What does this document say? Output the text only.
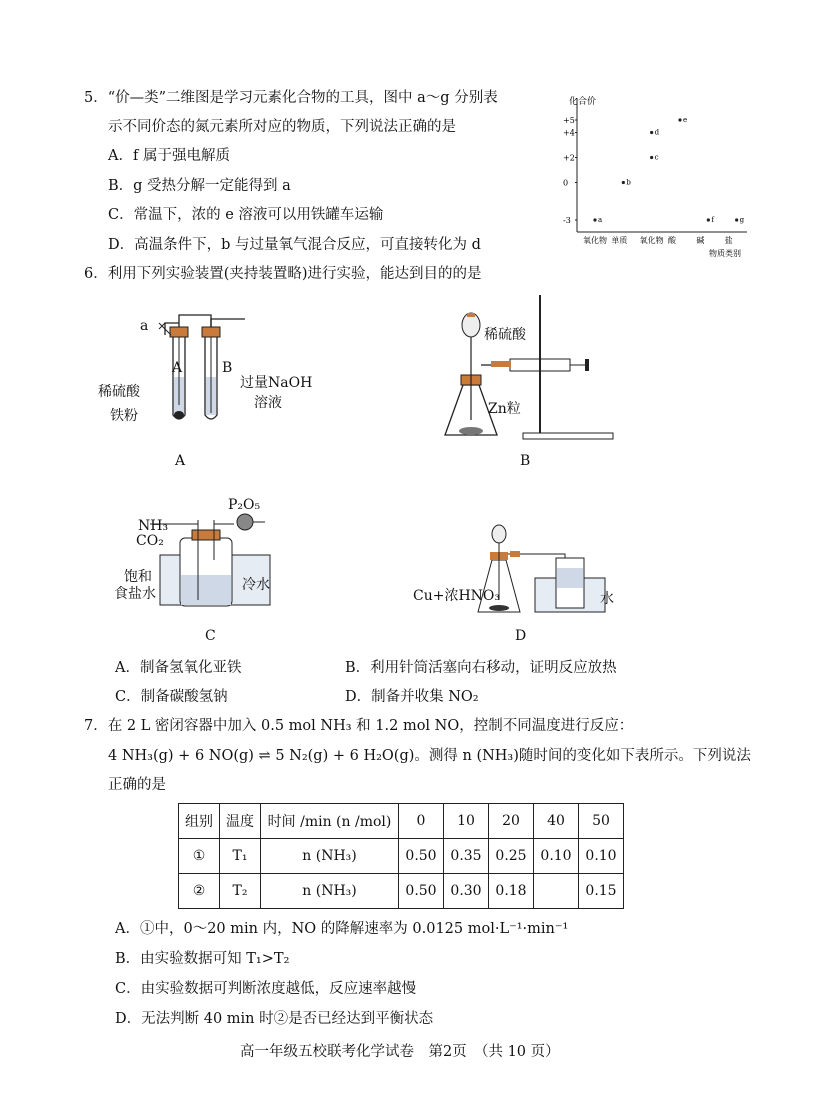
5．“价—类”二维图是学习元素化合物的工具，图中 a～g 分别表
示不同价态的氮元素所对应的物质，下列说法正确的是
A．f 属于强电解质
B．g 受热分解一定能得到 a
C．常温下，浓的 e 溶液可以用铁罐车运输
D．高温条件下，b 与过量氧气混合反应，可直接转化为 d
化合价
+5
+4
+2
0
-3
氧化物 单质 氧化物 酸	碱	盐
物质类别
a
b
c
d
e
f	g
6．利用下列实验装置(夹持装置略)进行实验，能达到目的的是
a
A	B
稀硫酸
铁粉
过量NaOH
溶液
A
稀硫酸
Zn粒
B
NH₃
CO₂
P₂O₅
饱和
食盐水
冷水
C
Cu+浓HNO₃	水
D
A．制备氢氧化亚铁	B．利用针筒活塞向右移动，证明反应放热
C．制备碳酸氢钠	D．制备并收集 NO₂
7．在 2 L 密闭容器中加入 0.5 mol NH₃ 和 1.2 mol NO，控制不同温度进行反应：
4 NH₃(g) + 6 NO(g) ⇌ 5 N₂(g) + 6 H₂O(g)。测得 n (NH₃)随时间的变化如下表所示。下列说法
正确的是
组别	温度	时间 /min (n /mol)	0	10	20	40	50
①	T₁	n (NH₃)	0.50	0.35	0.25	0.10	0.10
②	T₂	n (NH₃)	0.50	0.30	0.18		0.15
A．①中，0～20 min 内，NO 的降解速率为 0.0125 mol·L⁻¹·min⁻¹
B．由实验数据可知 T₁>T₂
C．由实验数据可判断浓度越低，反应速率越慢
D．无法判断 40 min 时②是否已经达到平衡状态
高一年级五校联考化学试卷　第2页　（共 10 页）
